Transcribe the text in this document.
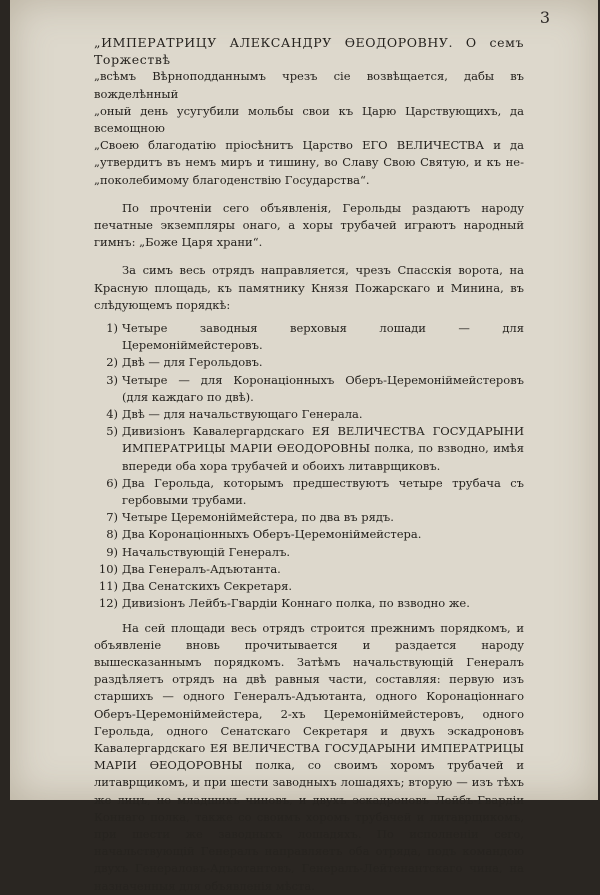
3

„ИМПЕРАТРИЦУ АЛЕКСАНДРУ ѲЕОДОРОВНУ. О семъ Торжествѣ
„всѣмъ Вѣрноподданнымъ чрезъ сіе возвѣщается, дабы въ вожделѣнный
„оный день усугубили мольбы свои къ Царю Царствующихъ, да всемощною
„Своею благодатію пріосѣнитъ Царство ЕГО ВЕЛИЧЕСТВА и да
„утвердитъ въ немъ миръ и тишину, во Славу Свою Святую, и къ не-
„поколебимому благоденствію Государства“.

По прочтеніи сего объявленія, Герольды раздаютъ народу печатные экземпляры онаго, а хоры трубачей играютъ народный гимнъ: „Боже Царя храни“.

За симъ весь отрядъ направляется, чрезъ Спасскія ворота, на Красную площадь, къ памятнику Князя Пожарскаго и Минина, въ слѣдующемъ порядкѣ:

1) Четыре заводныя верховыя лошади — для Церемоніймейстеровъ.
2) Двѣ — для Герольдовъ.
3) Четыре — для Коронаціонныхъ Оберъ-Церемоніймейстеровъ (для каждаго по двѣ).
4) Двѣ — для начальствующаго Генерала.
5) Дивизіонъ Кавалергардскаго ЕЯ ВЕЛИЧЕСТВА ГОСУДАРЫНИ ИМПЕРАТРИЦЫ МАРІИ ѲЕОДОРОВНЫ полка, по взводно, имѣя впереди оба хора трубачей и обоихъ литаврщиковъ.
6) Два Герольда, которымъ предшествуютъ четыре трубача съ гербовыми трубами.
7) Четыре Церемоніймейстера, по два въ рядъ.
8) Два Коронаціонныхъ Оберъ-Церемоніймейстера.
9) Начальствующій Генералъ.
10) Два Генералъ-Адъютанта.
11) Два Сенатскихъ Секретаря.
12) Дивизіонъ Лейбъ-Гвардіи Коннаго полка, по взводно же.

На сей площади весь отрядъ строится прежнимъ порядкомъ, и объявленіе вновь прочитывается и раздается народу вышесказаннымъ порядкомъ. Затѣмъ начальствующій Генералъ раздѣляетъ отрядъ на двѣ равныя части, составляя: первую изъ старшихъ — одного Генералъ-Адъютанта, одного Коронаціоннаго Оберъ-Церемоніймейстера, 2-хъ Церемоніймейстеровъ, одного Герольда, одного Сенатскаго Секретаря и двухъ эскадроновъ Кавалергардскаго ЕЯ ВЕЛИЧЕСТВА ГОСУДАРЫНИ ИМПЕРАТРИЦЫ МАРІИ ѲЕОДОРОВНЫ полка, со своимъ хоромъ трубачей и литаврщикомъ, и при шести заводныхъ лошадяхъ; вторую — изъ тѣхъ же лицъ, но младшихъ чиновъ, и двухъ эскадроновъ Лейбъ-Гвардіи Коннаго полка, также со своимъ хоромъ трубачей и литаврщикомъ, при шести же заводныхъ лошадяхъ. По исполненіи сего, начальствующій Генералъ направляетъ оба отряда, подъ командою двухъ Генераловъ-Адъютантовъ, Генералъ-Лейтенантскаго чина, на назначенныя для объявленія мѣста.
